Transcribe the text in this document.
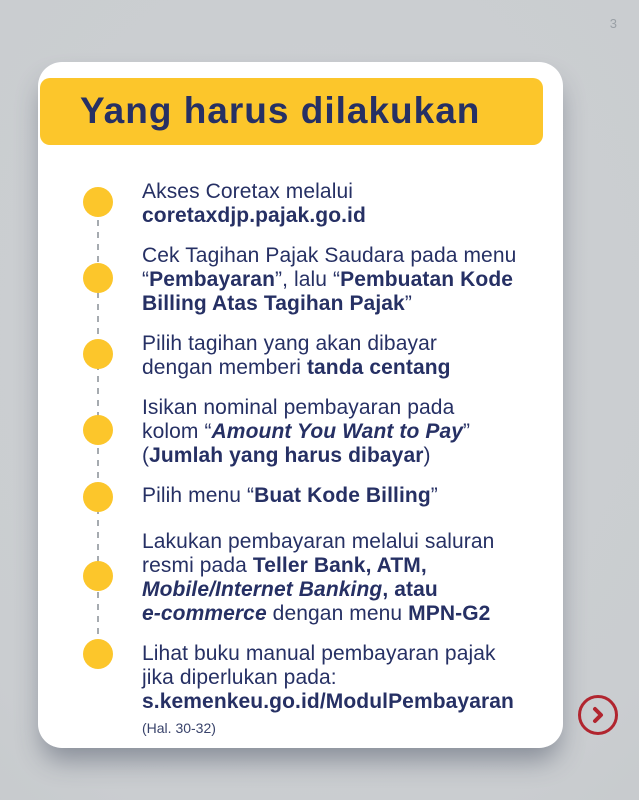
3
Yang harus dilakukan
Akses Coretax melalui
coretaxdjp.pajak.go.id
Cek Tagihan Pajak Saudara pada menu
“Pembayaran”, lalu “Pembuatan Kode
Billing Atas Tagihan Pajak”
Pilih tagihan yang akan dibayar
dengan memberi tanda centang
Isikan nominal pembayaran pada
kolom “Amount You Want to Pay”
(Jumlah yang harus dibayar)
Pilih menu “Buat Kode Billing”
Lakukan pembayaran melalui saluran
resmi pada Teller Bank, ATM,
Mobile/Internet Banking, atau
e-commerce dengan menu MPN-G2
Lihat buku manual pembayaran pajak
jika diperlukan pada:
s.kemenkeu.go.id/ModulPembayaran
(Hal. 30-32)
